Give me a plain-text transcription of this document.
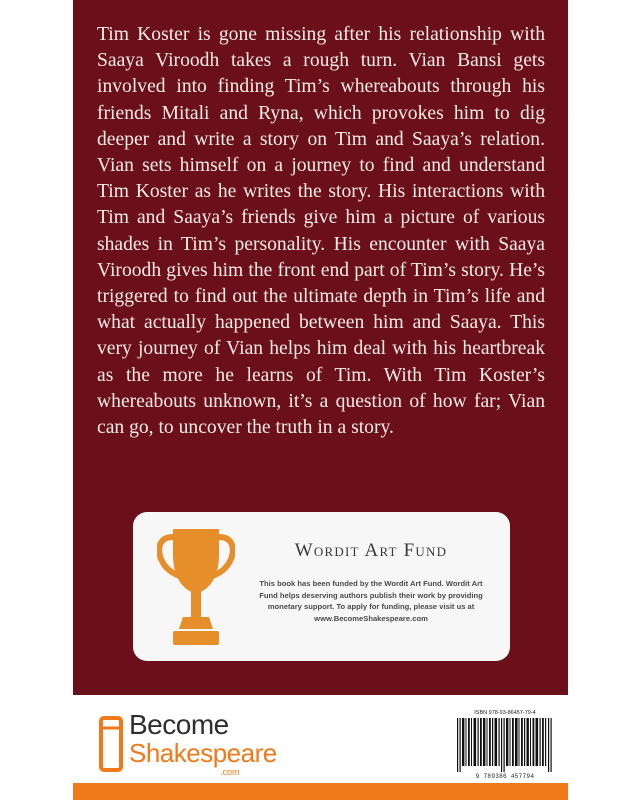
Tim Koster is gone missing after his relationship with Saaya Viroodh takes a rough turn. Vian Bansi gets involved into finding Tim’s whereabouts through his friends Mitali and Ryna, which provokes him to dig deeper and write a story on Tim and Saaya’s relation. Vian sets himself on a journey to find and understand Tim Koster as he writes the story. His interactions with Tim and Saaya’s friends give him a picture of various shades in Tim’s personality. His encounter with Saaya Viroodh gives him the front end part of Tim’s story. He’s triggered to find out the ultimate depth in Tim’s life and what actually happened between him and Saaya. This very journey of Vian helps him deal with his heartbreak as the more he learns of Tim. With Tim Koster’s whereabouts unknown, it’s a question of how far; Vian can go, to uncover the truth in a story.

Wordit Art Fund
This book has been funded by the Wordit Art Fund. Wordit Art Fund helps deserving authors publish their work by providing monetary support. To apply for funding, please visit us at www.BecomeShakespeare.com
Become
Shakespeare
.com
ISBN 978-93-86457-79-4
9 789386 457794
